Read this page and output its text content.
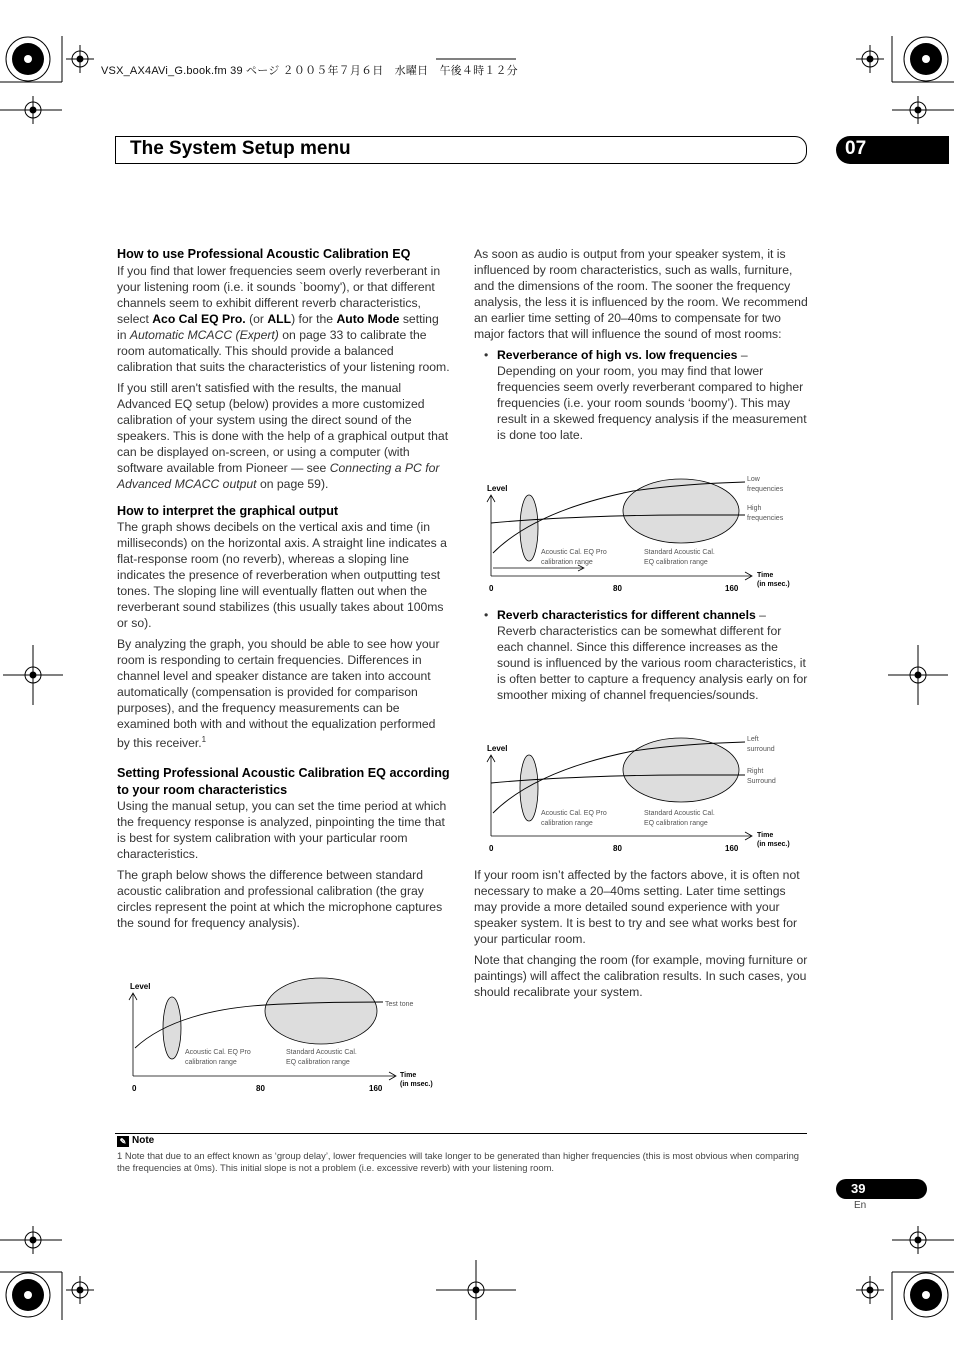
VSX_AX4AVi_G.book.fm 39 ページ ２００５年７月６日　水曜日　午後４時１２分
The System Setup menu	07
How to use Professional Acoustic Calibration EQ

If you find that lower frequencies seem overly reverberant in your listening room (i.e. it sounds `boomy'), or that different channels seem to exhibit different reverb characteristics, select Aco Cal EQ Pro. (or ALL) for the Auto Mode setting in Automatic MCACC (Expert) on page 33 to calibrate the room automatically. This should provide a balanced calibration that suits the characteristics of your listening room.

If you still aren't satisfied with the results, the manual Advanced EQ setup (below) provides a more customized calibration of your system using the direct sound of the speakers. This is done with the help of a graphical output that can be displayed on-screen, or using a computer (with software available from Pioneer — see Connecting a PC for Advanced MCACC output on page 59).

How to interpret the graphical output

The graph shows decibels on the vertical axis and time (in milliseconds) on the horizontal axis. A straight line indicates a flat-response room (no reverb), whereas a sloping line indicates the presence of reverberation when outputting test tones. The sloping line will eventually flatten out when the reverberant sound stabilizes (this usually takes about 100ms or so).

By analyzing the graph, you should be able to see how your room is responding to certain frequencies. Differences in channel level and speaker distance are taken into account automatically (compensation is provided for comparison purposes), and the frequency measurements can be examined both with and without the equalization performed by this receiver.$^1$

Setting Professional Acoustic Calibration EQ according to your room characteristics

Using the manual setup, you can set the time period at which the frequency response is analyzed, pinpointing the time that is best for system calibration with your particular room characteristics.

The graph below shows the difference between standard acoustic calibration and professional calibration (the gray circles represent the point at which the microphone captures the sound for frequency analysis).

As soon as audio is output from your speaker system, it is influenced by room characteristics, such as walls, furniture, and the dimensions of the room. The sooner the frequency analysis, the less it is influenced by the room. We recommend an earlier time setting of 20–40ms to compensate for two major factors that will influence the sound of most rooms:

• Reverberance of high vs. low frequencies –
Depending on your room, you may find that lower frequencies seem overly reverberant compared to higher frequencies (i.e. your room sounds ‘boomy’). This may result in a skewed frequency analysis if the measurement is done too late.
• Reverb characteristics for different channels –
Reverb characteristics can be somewhat different for each channel. Since this difference increases as the sound is influenced by the various room characteristics, it is often better to capture a frequency analysis early on for smoother mixing of channel frequencies/sounds.

If your room isn’t affected by the factors above, it is often not necessary to make a 20–40ms setting. Later time settings may provide a more detailed sound experience with your speaker system. It is best to try and see what works best for your particular room.

Note that changing the room (for example, moving furniture or paintings) will affect the calibration results. In such cases, you should recalibrate your system.

Level
Test tone
Acoustic Cal. EQ Pro
calibration range
Standard Acoustic Cal.
EQ calibration range
Time
(in msec.)
0	80	160
Level
Low
frequencies
High
frequencies
Acoustic Cal. EQ Pro
calibration range
Standard Acoustic Cal.
EQ calibration range
Time
(in msec.)
0	80	160
Level
Left
surround
Right
Surround
Acoustic Cal. EQ Pro
calibration range
Standard Acoustic Cal.
EQ calibration range
Time
(in msec.)
0	80	160
✎ Note
1 Note that due to an effect known as ‘group delay’, lower frequencies will take longer to be generated than higher frequencies (this is most obvious when comparing the frequencies at 0ms). This initial slope is not a problem (i.e. excessive reverb) with your listening room.
39
En
